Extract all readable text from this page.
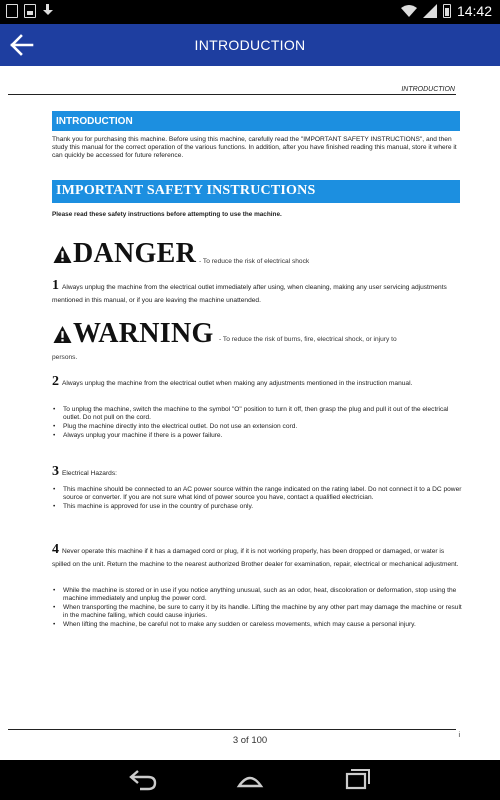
14:42
INTRODUCTION
INTRODUCTION
INTRODUCTION
Thank you for purchasing this machine. Before using this machine, carefully read the "IMPORTANT SAFETY INSTRUCTIONS", and then study this manual for the correct operation of the various functions. In addition, after you have finished reading this manual, store it where it can quickly be accessed for future reference.
IMPORTANT SAFETY INSTRUCTIONS
Please read these safety instructions before attempting to use the machine.
DANGER - To reduce the risk of electrical shock
1 Always unplug the machine from the electrical outlet immediately after using, when cleaning, making any user servicing adjustments mentioned in this manual, or if you are leaving the machine unattended.
WARNING - To reduce the risk of burns, fire, electrical shock, or injury to
persons.
2 Always unplug the machine from the electrical outlet when making any adjustments mentioned in the instruction manual.
• To unplug the machine, switch the machine to the symbol "O" position to turn it off, then grasp the plug and pull it out of the electrical outlet. Do not pull on the cord.
• Plug the machine directly into the electrical outlet. Do not use an extension cord.
• Always unplug your machine if there is a power failure.
3 Electrical Hazards:
• This machine should be connected to an AC power source within the range indicated on the rating label. Do not connect it to a DC power source or converter. If you are not sure what kind of power source you have, contact a qualified electrician.
• This machine is approved for use in the country of purchase only.
4 Never operate this machine if it has a damaged cord or plug, if it is not working properly, has been dropped or damaged, or water is spilled on the unit. Return the machine to the nearest authorized Brother dealer for examination, repair, electrical or mechanical adjustment.
• While the machine is stored or in use if you notice anything unusual, such as an odor, heat, discoloration or deformation, stop using the machine immediately and unplug the power cord.
• When transporting the machine, be sure to carry it by its handle. Lifting the machine by any other part may damage the machine or result in the machine falling, which could cause injuries.
• When lifting the machine, be careful not to make any sudden or careless movements, which may cause a personal injury.
i
3 of 100
